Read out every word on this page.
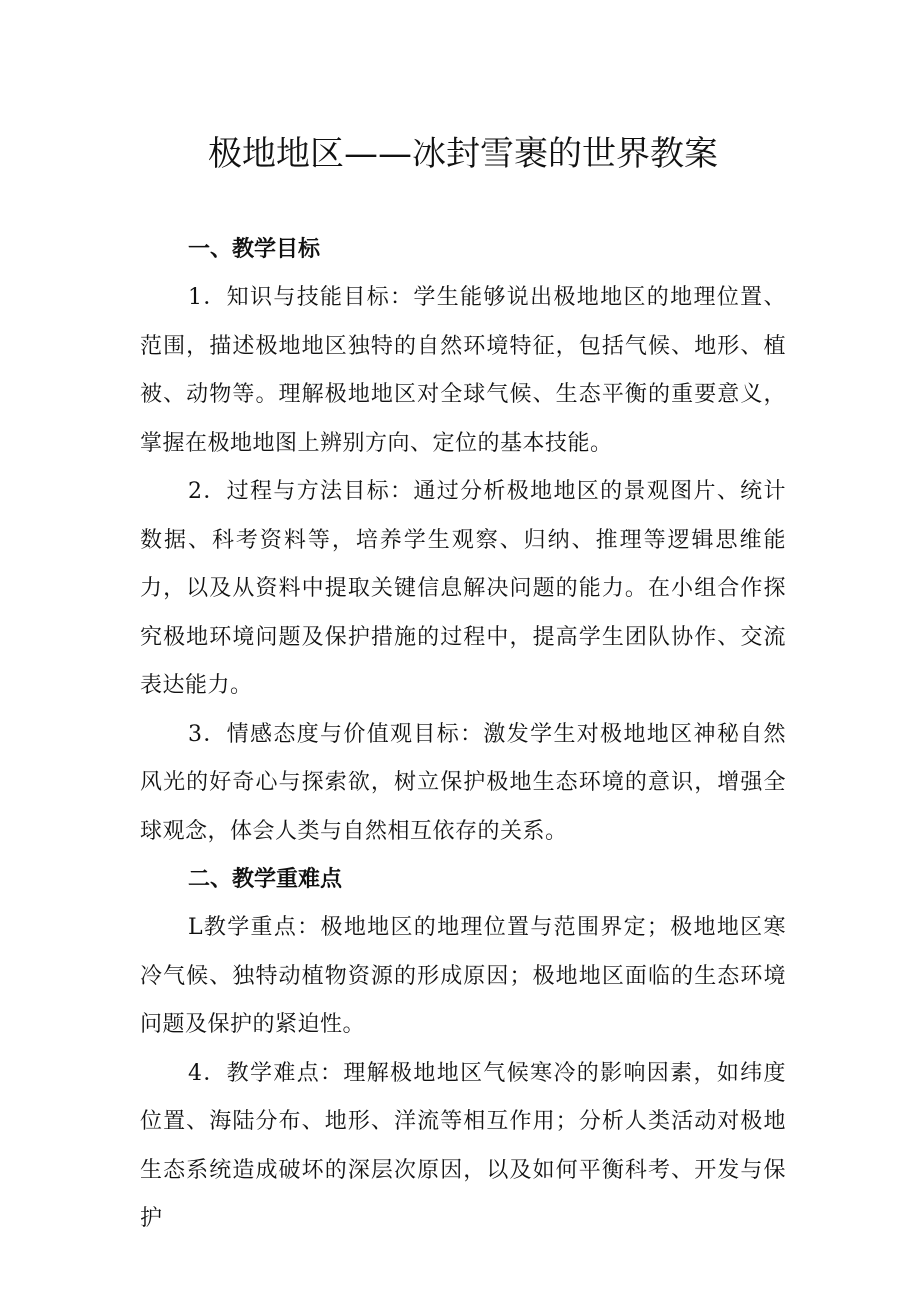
极地地区——冰封雪裹的世界教案

一、教学目标

1．知识与技能目标：学生能够说出极地地区的地理位置、范围，描述极地地区独特的自然环境特征，包括气候、地形、植被、动物等。理解极地地区对全球气候、生态平衡的重要意义，掌握在极地地图上辨别方向、定位的基本技能。

2．过程与方法目标：通过分析极地地区的景观图片、统计数据、科考资料等，培养学生观察、归纳、推理等逻辑思维能力，以及从资料中提取关键信息解决问题的能力。在小组合作探究极地环境问题及保护措施的过程中，提高学生团队协作、交流表达能力。

3．情感态度与价值观目标：激发学生对极地地区神秘自然风光的好奇心与探索欲，树立保护极地生态环境的意识，增强全球观念，体会人类与自然相互依存的关系。

二、教学重难点

L教学重点：极地地区的地理位置与范围界定；极地地区寒冷气候、独特动植物资源的形成原因；极地地区面临的生态环境问题及保护的紧迫性。

4．教学难点：理解极地地区气候寒冷的影响因素，如纬度位置、海陆分布、地形、洋流等相互作用；分析人类活动对极地生态系统造成破坏的深层次原因，以及如何平衡科考、开发与保护
